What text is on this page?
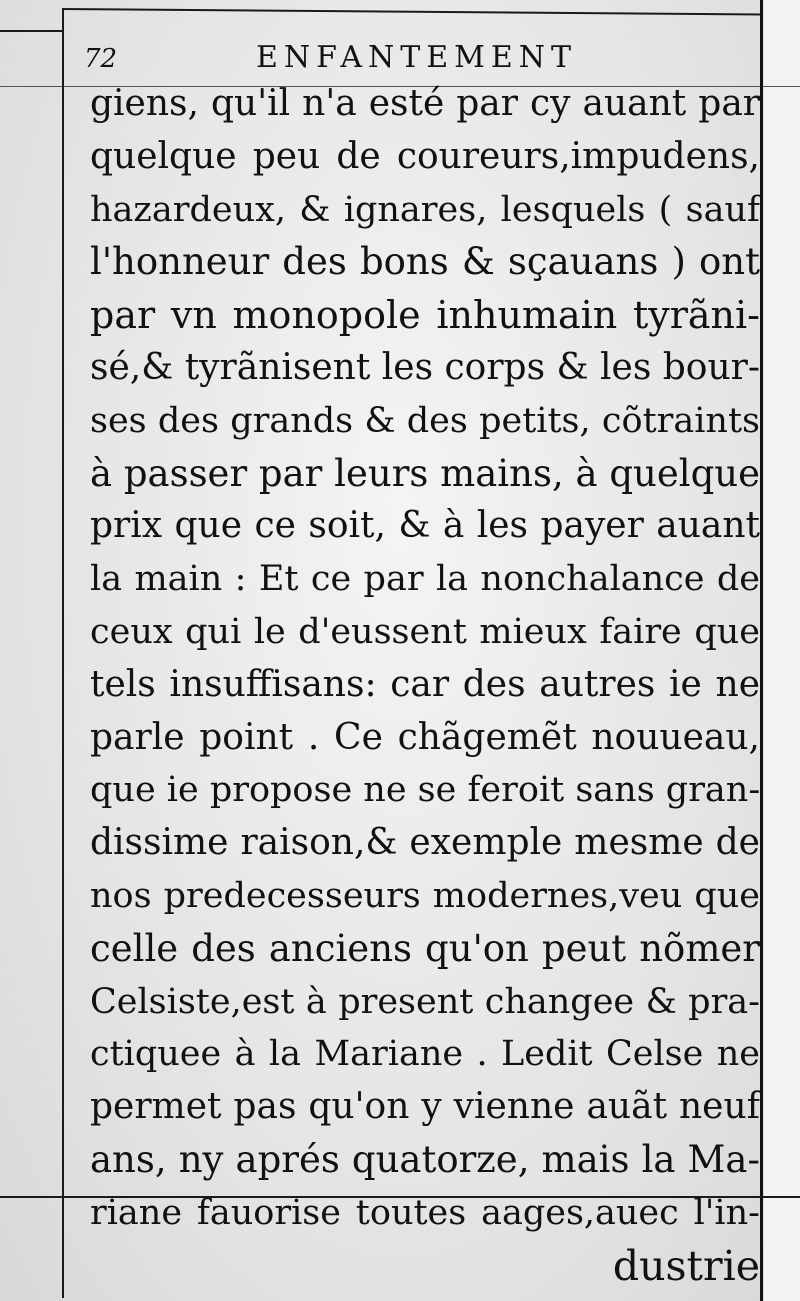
72	ENFANTEMENT
giens, qu'il n'a esté par cy auant par
quelque peu de coureurs,impudens,
hazardeux, & ignares, lesquels ( sauf
l'honneur des bons & sçauans ) ont
par vn monopole inhumain tyrãni-
sé,& tyrãnisent les corps & les bour-
ses des grands & des petits, cõtraints
à passer par leurs mains, à quelque
prix que ce soit, & à les payer auant
la main : Et ce par la nonchalance de
ceux qui le d'eussent mieux faire que
tels insuffisans: car des autres ie ne
parle point . Ce chãgemẽt nouueau,
que ie propose ne se feroit sans gran-
dissime raison,& exemple mesme de
nos predecesseurs modernes,veu que
celle des anciens qu'on peut nõmer
Celsiste,est à present changee & pra-
ctiquee à la Mariane . Ledit Celse ne
permet pas qu'on y vienne auãt neuf
ans, ny aprés quatorze, mais la Ma-
riane fauorise toutes aages,auec l'in-
dustrie
